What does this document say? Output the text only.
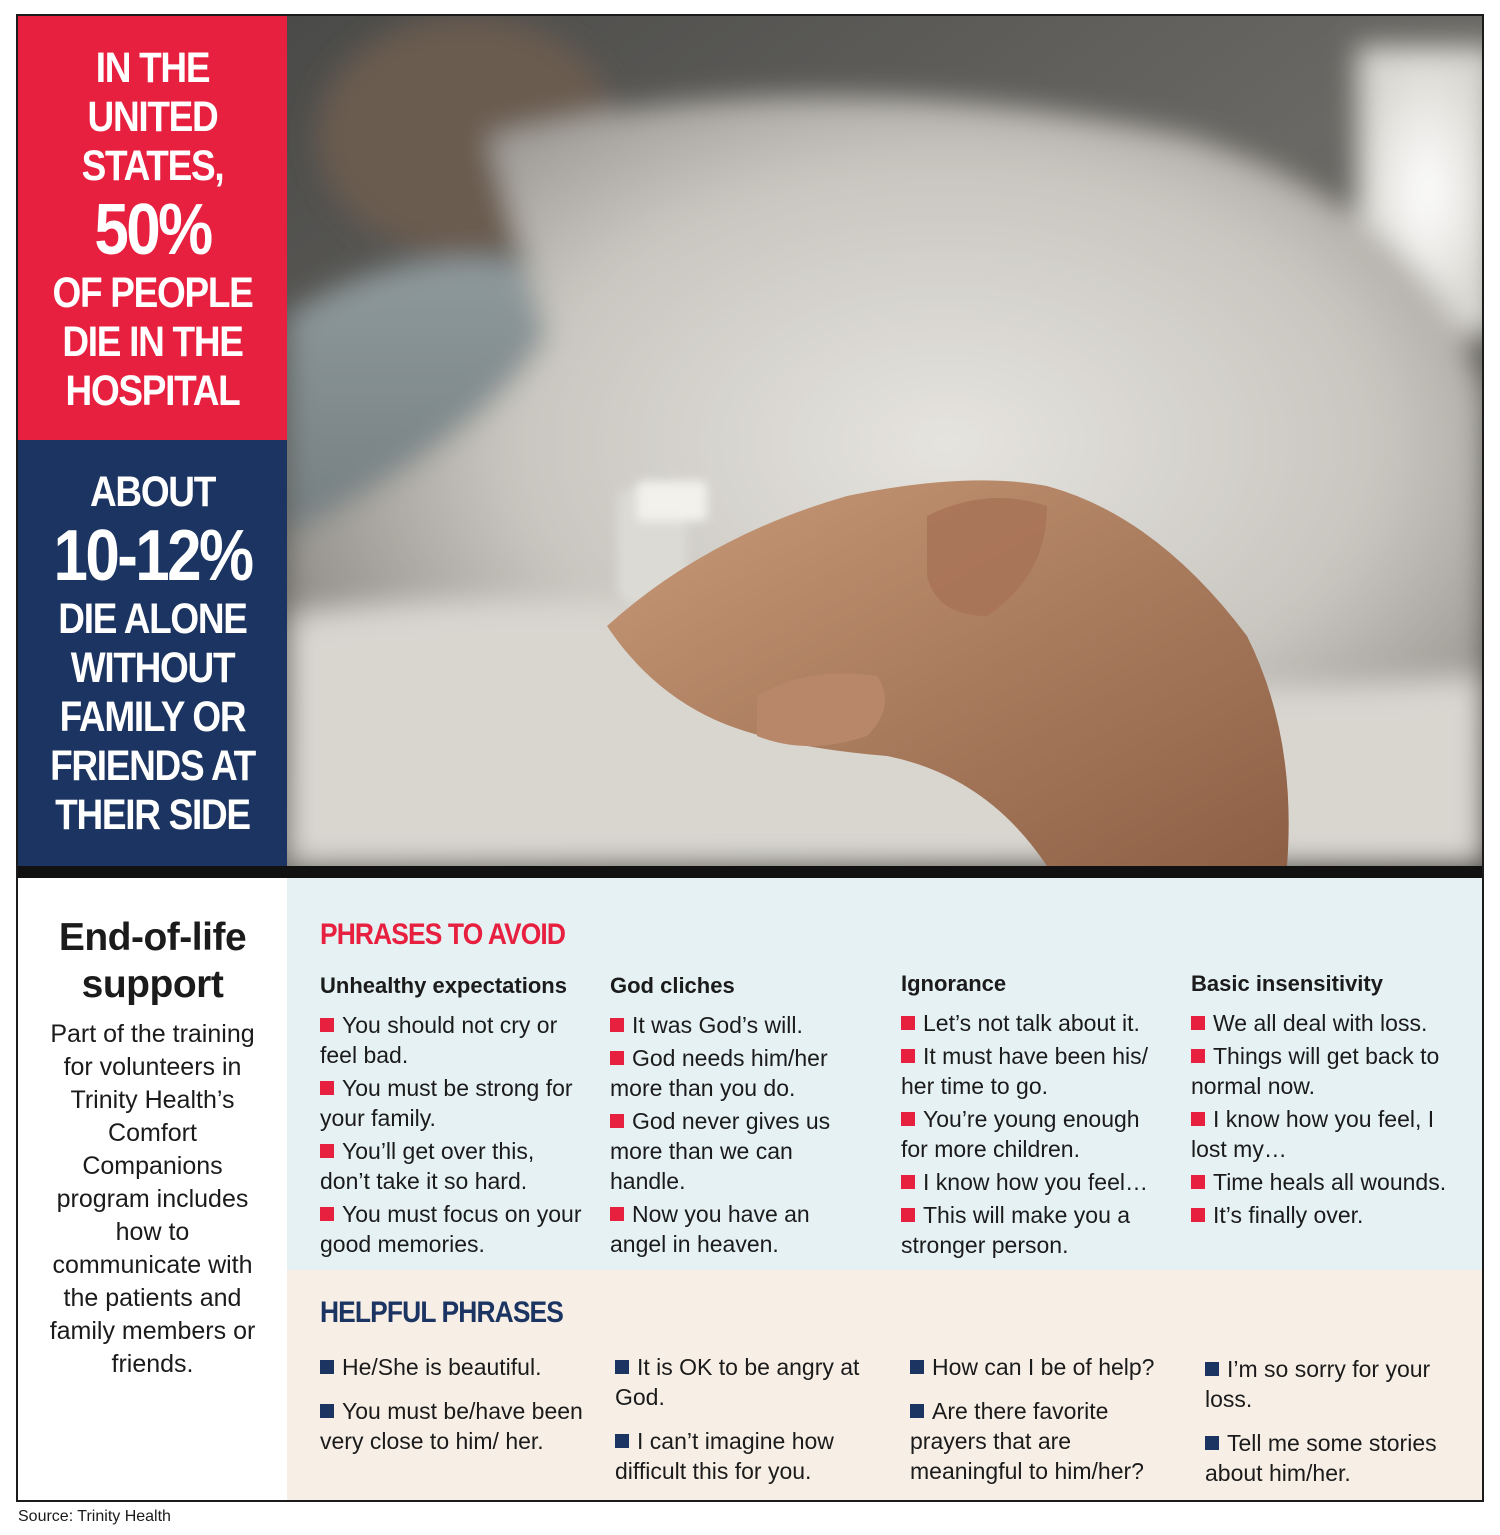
IN THE
UNITED
STATES,
50%
OF PEOPLE
DIE IN THE
HOSPITAL
ABOUT
10-12%
DIE ALONE
WITHOUT
FAMILY OR
FRIENDS AT
THEIR SIDE
End-of-life support
Part of the training for volunteers in Trinity Health’s Comfort Companions program includes how to communicate with the patients and family members or friends.
PHRASES TO AVOID
Unhealthy expectations
You should not cry or feel bad.
You must be strong for your family.
You’ll get over this, don’t take it so hard.
You must focus on your good memories.
God cliches
It was God’s will.
God needs him/her more than you do.
God never gives us more than we can handle.
Now you have an angel in heaven.
Ignorance
Let’s not talk about it.
It must have been his/ her time to go.
You’re young enough for more children.
I know how you feel…
This will make you a stronger person.
Basic insensitivity
We all deal with loss.
Things will get back to normal now.
I know how you feel, I lost my…
Time heals all wounds.
It’s finally over.
HELPFUL PHRASES
He/She is beautiful.
You must be/have been very close to him/ her.
It is OK to be angry at God.
I can’t imagine how difficult this for you.
How can I be of help?
Are there favorite prayers that are meaningful to him/her?
I’m so sorry for your loss.
Tell me some stories about him/her.
Source: Trinity Health
